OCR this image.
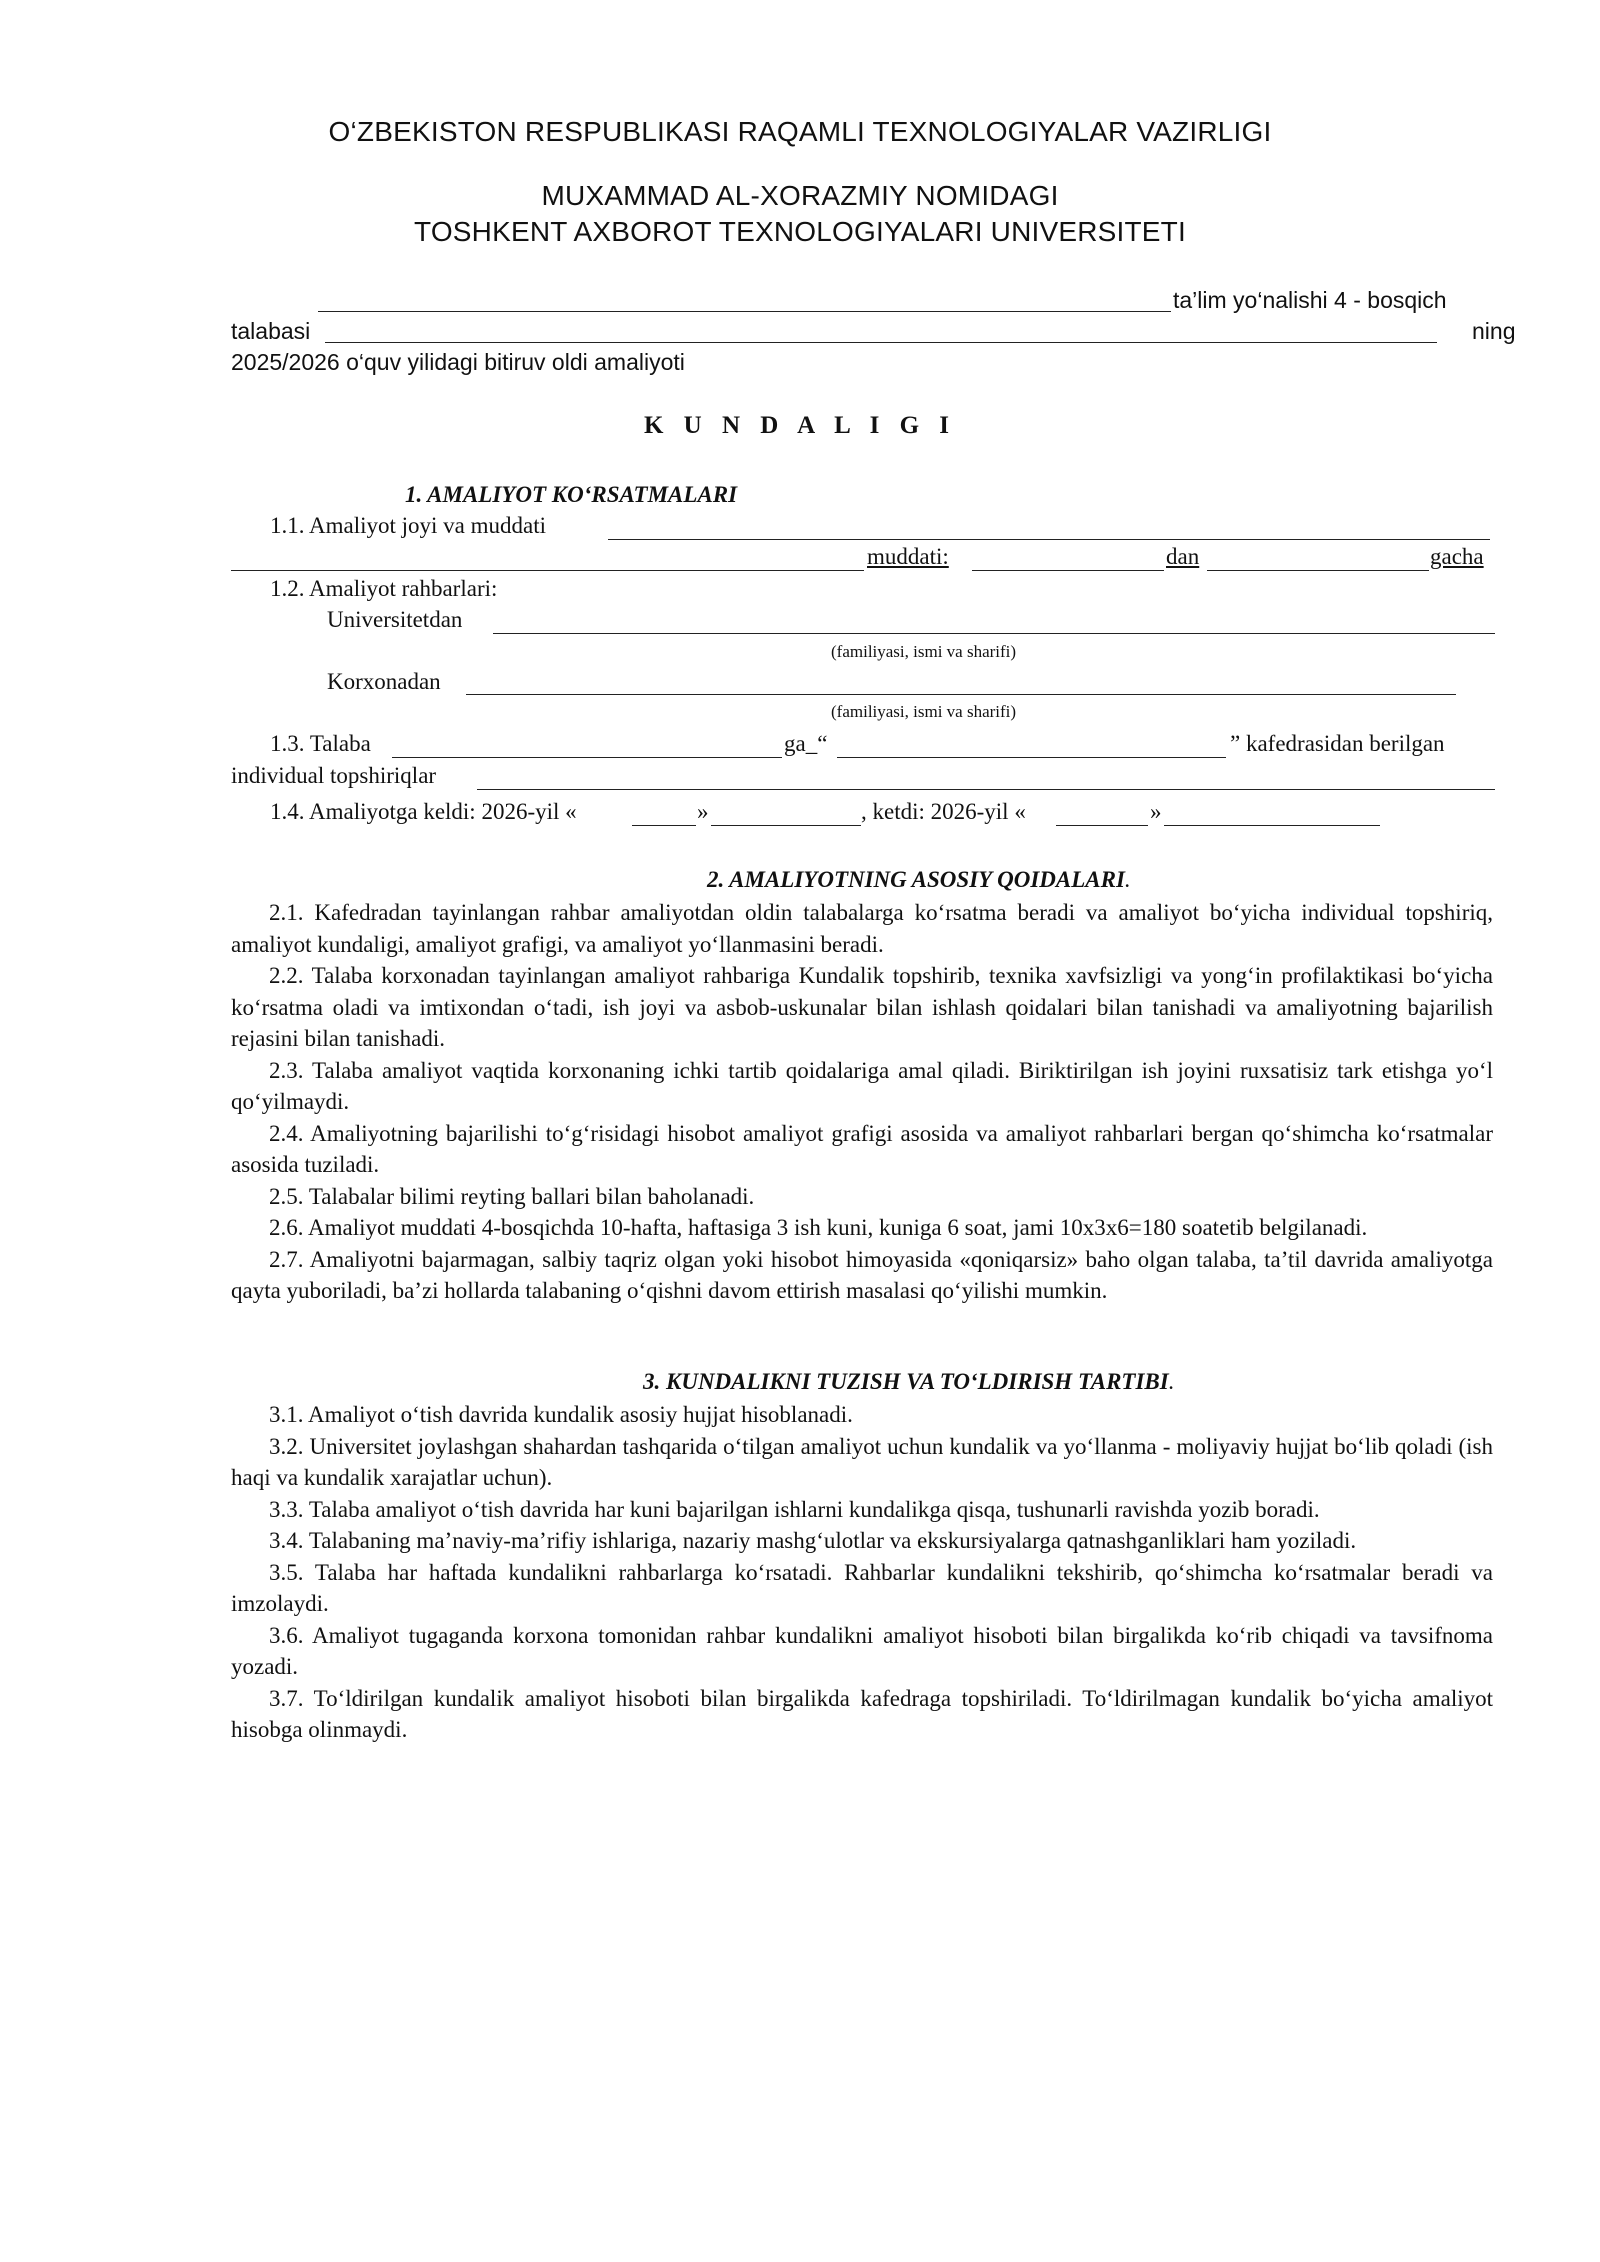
O‘ZBEKISTON RESPUBLIKASI RAQAMLI TEXNOLOGIYALAR VAZIRLIGI
MUXAMMAD AL-XORAZMIY NOMIDAGI
TOSHKENT AXBOROT TEXNOLOGIYALARI UNIVERSITETI
ta’lim yo‘nalishi 4 - bosqich
talabasi	ning
2025/2026 o‘quv yilidagi bitiruv oldi amaliyoti
K U N D A L I G I
1. AMALIYOT KO‘RSATMALARI
1.1. Amaliyot joyi va muddati
muddati:	dan	gacha
1.2. Amaliyot rahbarlari:
Universitetdan
(familiyasi, ismi va sharifi)
Korxonadan
(familiyasi, ismi va sharifi)
1.3. Talaba	ga_“	” kafedrasidan berilgan
individual topshiriqlar
1.4. Amaliyotga keldi: 2026-yil «	»	, ketdi: 2026-yil «	»
2. AMALIYOTNING ASOSIY QOIDALARI.
2.1. Kafedradan tayinlangan rahbar amaliyotdan oldin talabalarga ko‘rsatma beradi va amaliyot bo‘yicha individual topshiriq, amaliyot kundaligi, amaliyot grafigi, va amaliyot yo‘llanmasini beradi.
2.2. Talaba korxonadan tayinlangan amaliyot rahbariga Kundalik topshirib, texnika xavfsizligi va yong‘in profilaktikasi bo‘yicha ko‘rsatma oladi va imtixondan o‘tadi, ish joyi va asbob-uskunalar bilan ishlash qoidalari bilan tanishadi va amaliyotning bajarilish rejasini bilan tanishadi.
2.3. Talaba amaliyot vaqtida korxonaning ichki tartib qoidalariga amal qiladi. Biriktirilgan ish joyini ruxsatisiz tark etishga yo‘l qo‘yilmaydi.
2.4. Amaliyotning bajarilishi to‘g‘risidagi hisobot amaliyot grafigi asosida va amaliyot rahbarlari bergan qo‘shimcha ko‘rsatmalar asosida tuziladi.
2.5. Talabalar bilimi reyting ballari bilan baholanadi.
2.6. Amaliyot muddati 4-bosqichda 10-hafta, haftasiga 3 ish kuni, kuniga 6 soat, jami 10x3x6=180 soatetib belgilanadi.
2.7. Amaliyotni bajarmagan, salbiy taqriz olgan yoki hisobot himoyasida «qoniqarsiz» baho olgan talaba, ta’til davrida amaliyotga qayta yuboriladi, ba’zi hollarda talabaning o‘qishni davom ettirish masalasi qo‘yilishi mumkin.
3. KUNDALIKNI TUZISH VA TO‘LDIRISH TARTIBI.
3.1. Amaliyot o‘tish davrida kundalik asosiy hujjat hisoblanadi.
3.2. Universitet joylashgan shahardan tashqarida o‘tilgan amaliyot uchun kundalik va yo‘llanma - moliyaviy hujjat bo‘lib qoladi (ish haqi va kundalik xarajatlar uchun).
3.3. Talaba amaliyot o‘tish davrida har kuni bajarilgan ishlarni kundalikga qisqa, tushunarli ravishda yozib boradi.
3.4. Talabaning ma’naviy-ma’rifiy ishlariga, nazariy mashg‘ulotlar va ekskursiyalarga qatnashganliklari ham yoziladi.
3.5. Talaba har haftada kundalikni rahbarlarga ko‘rsatadi. Rahbarlar kundalikni tekshirib, qo‘shimcha ko‘rsatmalar beradi va imzolaydi.
3.6. Amaliyot tugaganda korxona tomonidan rahbar kundalikni amaliyot hisoboti bilan birgalikda ko‘rib chiqadi va tavsifnoma yozadi.
3.7. To‘ldirilgan kundalik amaliyot hisoboti bilan birgalikda kafedraga topshiriladi. To‘ldirilmagan kundalik bo‘yicha amaliyot hisobga olinmaydi.
